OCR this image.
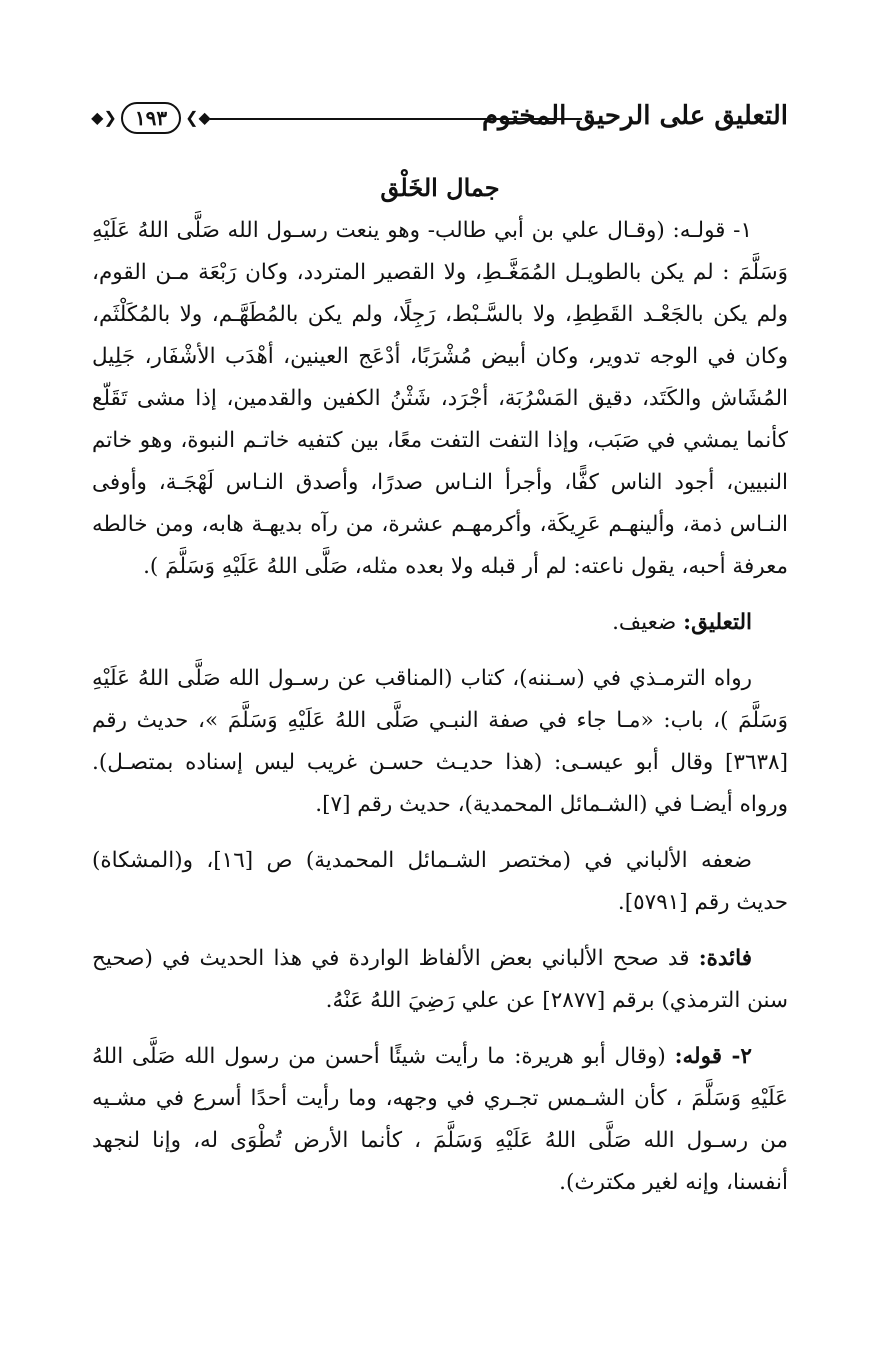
التعليق على الرحيق المختوم
◆❯ ١٩٣	❮◆
جمال الخَلْق

١- قولـه: (وقـال علي بن أبي طالب- وهو ينعت رسـول الله صَلَّى اللهُ عَلَيْهِ وَسَلَّمَ : لم يكن بالطويـل المُمَغَّـطِ، ولا القصير المتردد، وكان رَبْعَة مـن القوم، ولم يكن بالجَعْـد القَطِطِ، ولا بالسَّـبْط، رَجِلًا، ولم يكن بالمُطَهَّـم، ولا بالمُكَلْثَم، وكان في الوجه تدوير، وكان أبيض مُشْرَبًا، أدْعَج العينين، أهْدَب الأشْفَار، جَلِيل المُشَاش والكَتَد، دقيق المَسْرُبَة، أجْرَد، شَثْنُ الكفين والقدمين، إذا مشى تَقَلّع كأنما يمشي في صَبَب، وإذا التفت التفت معًا، بين كتفيه خاتـم النبوة، وهو خاتم النبيين، أجود الناس كفًّا، وأجرأ النـاس صدرًا، وأصدق النـاس لَهْجَـة، وأوفى النـاس ذمة، وألينهـم عَرِيكَة، وأكرمهـم عشرة، من رآه بديهـة هابه، ومن خالطه معرفة أحبه، يقول ناعته: لم أر قبله ولا بعده مثله، صَلَّى اللهُ عَلَيْهِ وَسَلَّمَ ).

التعليق: ضعيف.

رواه الترمـذي في (سـننه)، كتاب (المناقب عن رسـول الله صَلَّى اللهُ عَلَيْهِ وَسَلَّمَ )، باب: «مـا جاء في صفة النبـي صَلَّى اللهُ عَلَيْهِ وَسَلَّمَ »، حديث رقم [٣٦٣٨] وقال أبو عيسـى: (هذا حديـث حسـن غريب ليس إسناده بمتصـل). ورواه أيضـا في (الشـمائل المحمدية)، حديث رقم [٧].

ضعفه الألباني في (مختصر الشـمائل المحمدية) ص [١٦]، و(المشكاة) حديث رقم [٥٧٩١].

فائدة: قد صحح الألباني بعض الألفاظ الواردة في هذا الحديث في (صحيح سنن الترمذي) برقم [٢٨٧٧] عن علي رَضِيَ اللهُ عَنْهُ.

٢- قوله: (وقال أبو هريرة: ما رأيت شيئًا أحسن من رسول الله صَلَّى اللهُ عَلَيْهِ وَسَلَّمَ ، كأن الشـمس تجـري في وجهه، وما رأيت أحدًا أسرع في مشـيه من رسـول الله صَلَّى اللهُ عَلَيْهِ وَسَلَّمَ ، كأنما الأرض تُطْوَى له، وإنا لنجهد أنفسنا، وإنه لغير مكترث).
